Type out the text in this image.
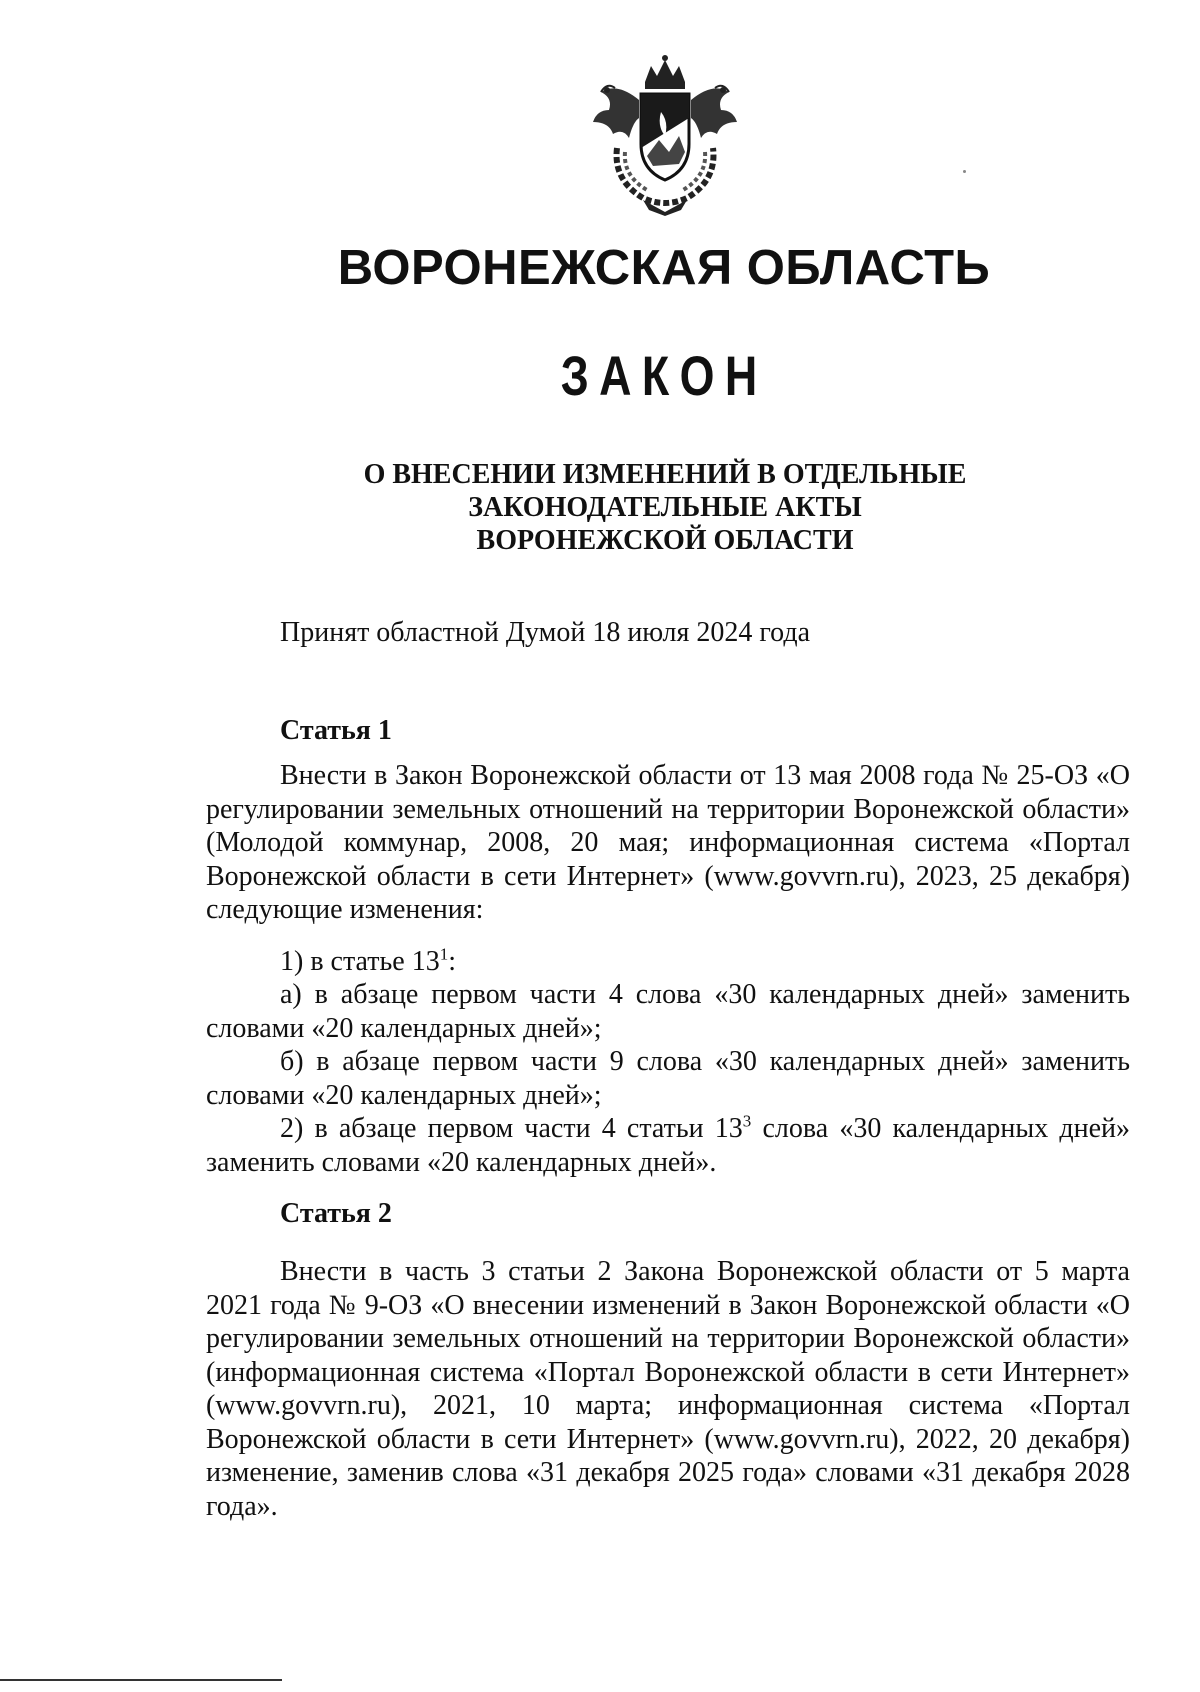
ВОРОНЕЖСКАЯ ОБЛАСТЬ
ЗАКОН
О ВНЕСЕНИИ ИЗМЕНЕНИЙ В ОТДЕЛЬНЫЕ
ЗАКОНОДАТЕЛЬНЫЕ АКТЫ
ВОРОНЕЖСКОЙ ОБЛАСТИ
Принят областной Думой 18 июля 2024 года
Статья 1

Внести в Закон Воронежской области от 13 мая 2008 года № 25-ОЗ «О регулировании земельных отношений на территории Воронежской области» (Молодой коммунар, 2008, 20 мая; информационная система «Портал Воронежской области в сети Интернет» (www.govvrn.ru), 2023, 25 декабря) следующие изменения:

1) в статье $13^1$:

а) в абзаце первом части 4 слова «30 календарных дней» заменить словами «20 календарных дней»;

б) в абзаце первом части 9 слова «30 календарных дней» заменить словами «20 календарных дней»;

2) в абзаце первом части 4 статьи $13^3$ слова «30 календарных дней» заменить словами «20 календарных дней».

Статья 2

Внести в часть 3 статьи 2 Закона Воронежской области от 5 марта 2021 года № 9-ОЗ «О внесении изменений в Закон Воронежской области «О регулировании земельных отношений на территории Воронежской области» (информационная система «Портал Воронежской области в сети Интернет» (www.govvrn.ru), 2021, 10 марта; информационная система «Портал Воронежской области в сети Интернет» (www.govvrn.ru), 2022, 20 декабря) изменение, заменив слова «31 декабря 2025 года» словами «31 декабря 2028 года».
